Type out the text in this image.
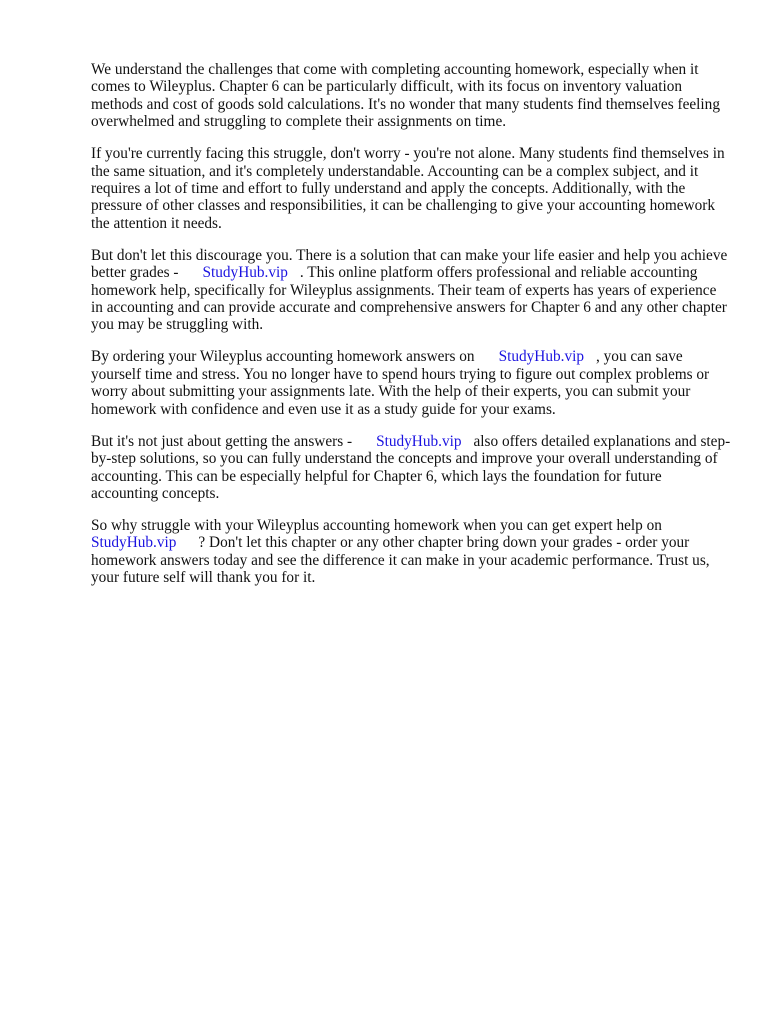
We understand the challenges that come with completing accounting homework, especially when it comes to Wileyplus. Chapter 6 can be particularly difficult, with its focus on inventory valuation methods and cost of goods sold calculations. It's no wonder that many students find themselves feeling overwhelmed and struggling to complete their assignments on time.

If you're currently facing this struggle, don't worry - you're not alone. Many students find themselves in the same situation, and it's completely understandable. Accounting can be a complex subject, and it requires a lot of time and effort to fully understand and apply the concepts. Additionally, with the pressure of other classes and responsibilities, it can be challenging to give your accounting homework the attention it needs.

But don't let this discourage you. There is a solution that can make your life easier and help you achieve better grades - StudyHub.vip . This online platform offers professional and reliable accounting homework help, specifically for Wileyplus assignments. Their team of experts has years of experience in accounting and can provide accurate and comprehensive answers for Chapter 6 and any other chapter you may be struggling with.

By ordering your Wileyplus accounting homework answers on StudyHub.vip , you can save yourself time and stress. You no longer have to spend hours trying to figure out complex problems or worry about submitting your assignments late. With the help of their experts, you can submit your homework with confidence and even use it as a study guide for your exams.

But it's not just about getting the answers - StudyHub.vip also offers detailed explanations and step-by-step solutions, so you can fully understand the concepts and improve your overall understanding of accounting. This can be especially helpful for Chapter 6, which lays the foundation for future accounting concepts.

So why struggle with your Wileyplus accounting homework when you can get expert help on StudyHub.vip ? Don't let this chapter or any other chapter bring down your grades - order your homework answers today and see the difference it can make in your academic performance. Trust us, your future self will thank you for it.
